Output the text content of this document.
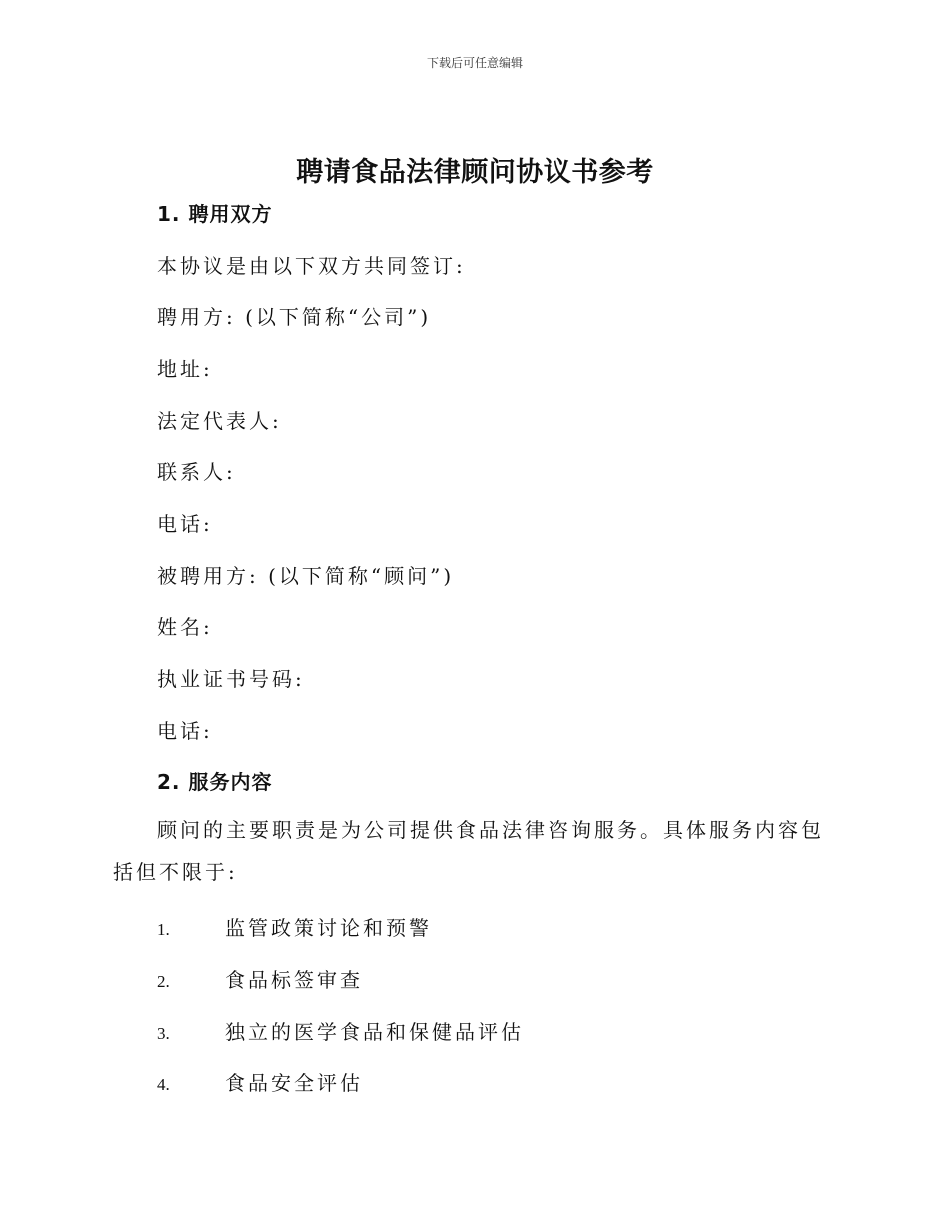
下载后可任意编辑
聘请食品法律顾问协议书参考
1. 聘用双方
本协议是由以下双方共同签订:
聘用方: (以下简称“公司”)
地址:
法定代表人:
联系人:
电话:
被聘用方: (以下简称“顾问”)
姓名:
执业证书号码:
电话:
2. 服务内容
顾问的主要职责是为公司提供食品法律咨询服务。具体服务内容包括但不限于:
1.	监管政策讨论和预警
2.	食品标签审查
3.	独立的医学食品和保健品评估
4.	食品安全评估
